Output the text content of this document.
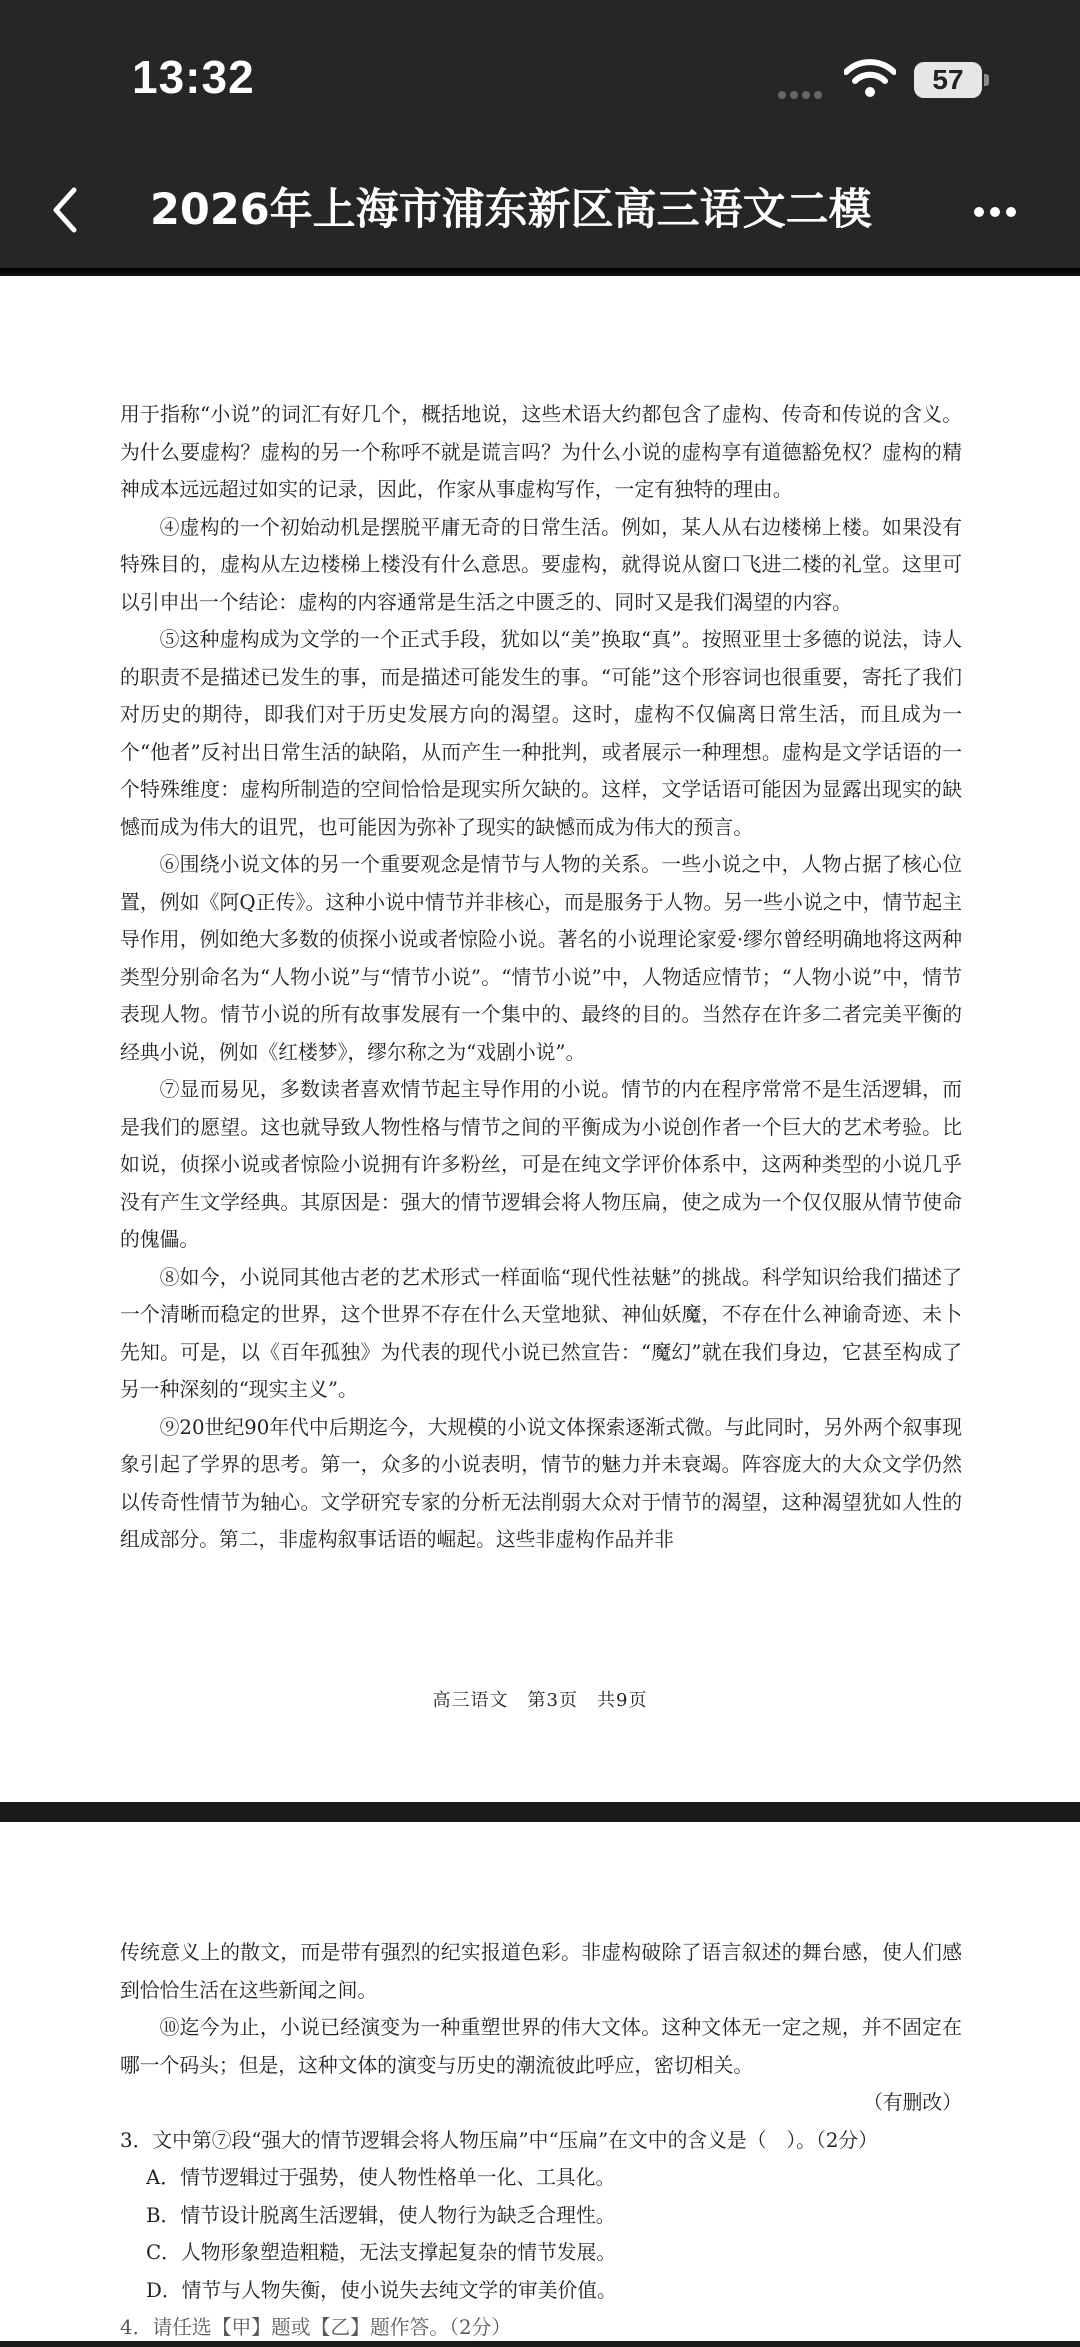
13:32	57
2026年上海市浦东新区高三语文二模

用于指称“小说”的词汇有好几个，概括地说，这些术语大约都包含了虚构、传奇和传说的含义。为什么要虚构？虚构的另一个称呼不就是谎言吗？为什么小说的虚构享有道德豁免权？虚构的精神成本远远超过如实的记录，因此，作家从事虚构写作，一定有独特的理由。

④虚构的一个初始动机是摆脱平庸无奇的日常生活。例如，某人从右边楼梯上楼。如果没有特殊目的，虚构从左边楼梯上楼没有什么意思。要虚构，就得说从窗口飞进二楼的礼堂。这里可以引申出一个结论：虚构的内容通常是生活之中匮乏的、同时又是我们渴望的内容。

⑤这种虚构成为文学的一个正式手段，犹如以“美”换取“真”。按照亚里士多德的说法，诗人的职责不是描述已发生的事，而是描述可能发生的事。“可能”这个形容词也很重要，寄托了我们对历史的期待，即我们对于历史发展方向的渴望。这时，虚构不仅偏离日常生活，而且成为一个“他者”反衬出日常生活的缺陷，从而产生一种批判，或者展示一种理想。虚构是文学话语的一个特殊维度：虚构所制造的空间恰恰是现实所欠缺的。这样，文学话语可能因为显露出现实的缺憾而成为伟大的诅咒，也可能因为弥补了现实的缺憾而成为伟大的预言。

⑥围绕小说文体的另一个重要观念是情节与人物的关系。一些小说之中，人物占据了核心位置，例如《阿Q正传》。这种小说中情节并非核心，而是服务于人物。另一些小说之中，情节起主导作用，例如绝大多数的侦探小说或者惊险小说。著名的小说理论家爱·缪尔曾经明确地将这两种类型分别命名为“人物小说”与“情节小说”。“情节小说”中，人物适应情节；“人物小说”中，情节表现人物。情节小说的所有故事发展有一个集中的、最终的目的。当然存在许多二者完美平衡的经典小说，例如《红楼梦》，缪尔称之为“戏剧小说”。

⑦显而易见，多数读者喜欢情节起主导作用的小说。情节的内在程序常常不是生活逻辑，而是我们的愿望。这也就导致人物性格与情节之间的平衡成为小说创作者一个巨大的艺术考验。比如说，侦探小说或者惊险小说拥有许多粉丝，可是在纯文学评价体系中，这两种类型的小说几乎没有产生文学经典。其原因是：强大的情节逻辑会将人物压扁，使之成为一个仅仅服从情节使命的傀儡。

⑧如今，小说同其他古老的艺术形式一样面临“现代性祛魅”的挑战。科学知识给我们描述了一个清晰而稳定的世界，这个世界不存在什么天堂地狱、神仙妖魔，不存在什么神谕奇迹、未卜先知。可是，以《百年孤独》为代表的现代小说已然宣告：“魔幻”就在我们身边，它甚至构成了另一种深刻的“现实主义”。

⑨20世纪90年代中后期迄今，大规模的小说文体探索逐渐式微。与此同时，另外两个叙事现象引起了学界的思考。第一，众多的小说表明，情节的魅力并未衰竭。阵容庞大的大众文学仍然以传奇性情节为轴心。文学研究专家的分析无法削弱大众对于情节的渴望，这种渴望犹如人性的组成部分。第二，非虚构叙事话语的崛起。这些非虚构作品并非

高三语文　第3页　共9页

传统意义上的散文，而是带有强烈的纪实报道色彩。非虚构破除了语言叙述的舞台感，使人们感到恰恰生活在这些新闻之间。

⑩迄今为止，小说已经演变为一种重塑世界的伟大文体。这种文体无一定之规，并不固定在哪一个码头；但是，这种文体的演变与历史的潮流彼此呼应，密切相关。

（有删改）

3．文中第⑦段“强大的情节逻辑会将人物压扁”中“压扁”在文中的含义是（　）。（2分）

A．情节逻辑过于强势，使人物性格单一化、工具化。

B．情节设计脱离生活逻辑，使人物行为缺乏合理性。

C．人物形象塑造粗糙，无法支撑起复杂的情节发展。

D．情节与人物失衡，使小说失去纯文学的审美价值。

4．请任选【甲】题或【乙】题作答。（2分）
